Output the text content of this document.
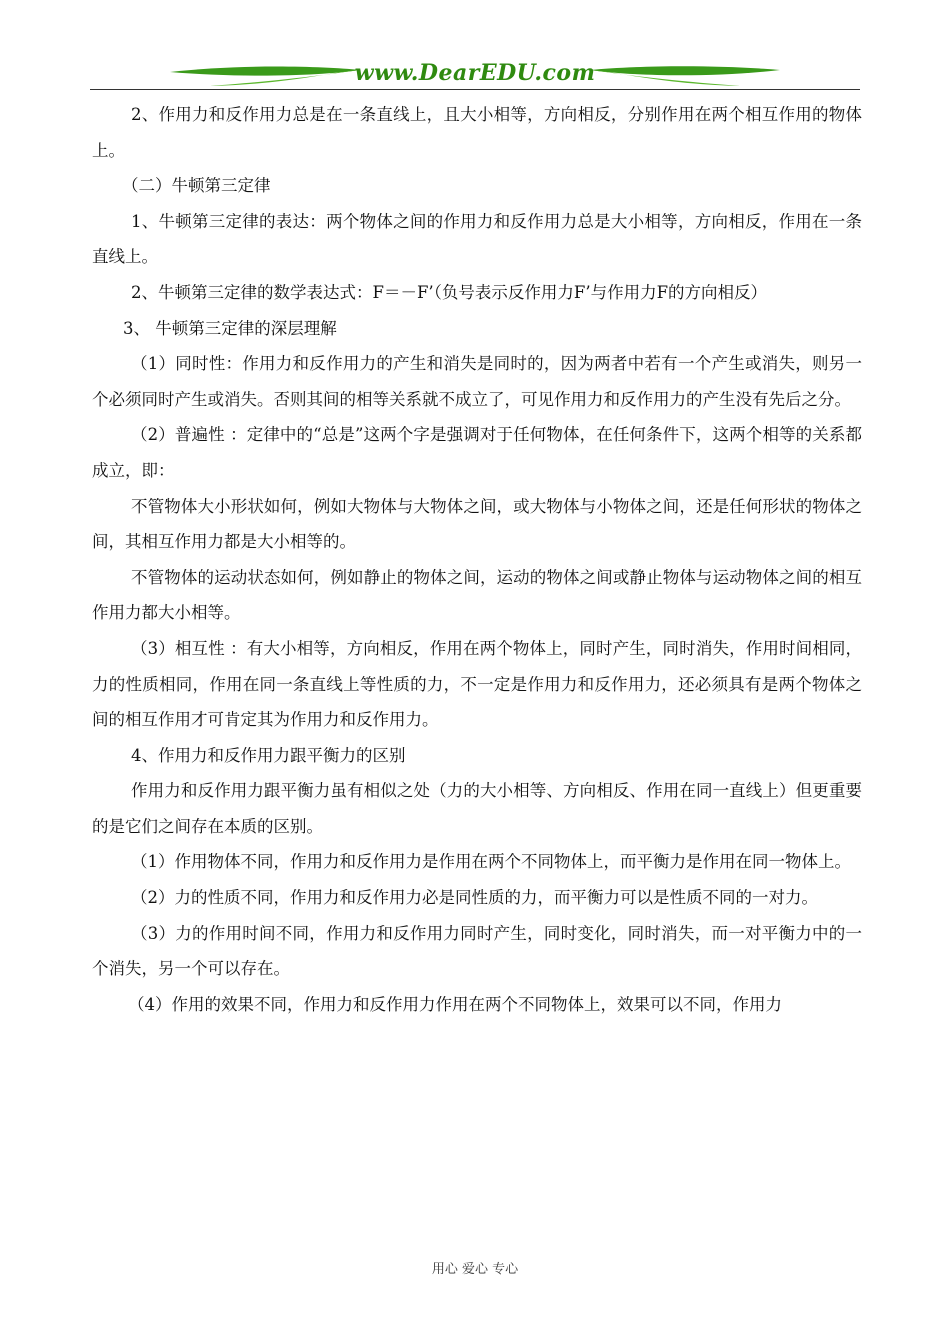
www.DearEDU.com

2、作用力和反作用力总是在一条直线上，且大小相等，方向相反，分别作用在两个相互作用的物体上。

（二）牛顿第三定律

1、牛顿第三定律的表达：两个物体之间的作用力和反作用力总是大小相等，方向相反，作用在一条直线上。

2、牛顿第三定律的数学表达式：F＝－F’（负号表示反作用力F’与作用力F的方向相反）

3、 牛顿第三定律的深层理解

（1）同时性：作用力和反作用力的产生和消失是同时的，因为两者中若有一个产生或消失，则另一个必须同时产生或消失。否则其间的相等关系就不成立了，可见作用力和反作用力的产生没有先后之分。

（2）普遍性 ：定律中的“总是”这两个字是强调对于任何物体，在任何条件下，这两个相等的关系都成立，即：

不管物体大小形状如何，例如大物体与大物体之间，或大物体与小物体之间，还是任何形状的物体之间，其相互作用力都是大小相等的。

不管物体的运动状态如何，例如静止的物体之间，运动的物体之间或静止物体与运动物体之间的相互作用力都大小相等。

（3）相互性 ：有大小相等，方向相反，作用在两个物体上，同时产生，同时消失，作用时间相同，力的性质相同，作用在同一条直线上等性质的力，不一定是作用力和反作用力，还必须具有是两个物体之间的相互作用才可肯定其为作用力和反作用力。

4、作用力和反作用力跟平衡力的区别

作用力和反作用力跟平衡力虽有相似之处（力的大小相等、方向相反、作用在同一直线上）但更重要的是它们之间存在本质的区别。

（1）作用物体不同，作用力和反作用力是作用在两个不同物体上，而平衡力是作用在同一物体上。

（2）力的性质不同，作用力和反作用力必是同性质的力，而平衡力可以是性质不同的一对力。

（3）力的作用时间不同，作用力和反作用力同时产生，同时变化，同时消失，而一对平衡力中的一个消失，另一个可以存在。

（4）作用的效果不同，作用力和反作用力作用在两个不同物体上，效果可以不同，作用力

用心 爱心 专心
